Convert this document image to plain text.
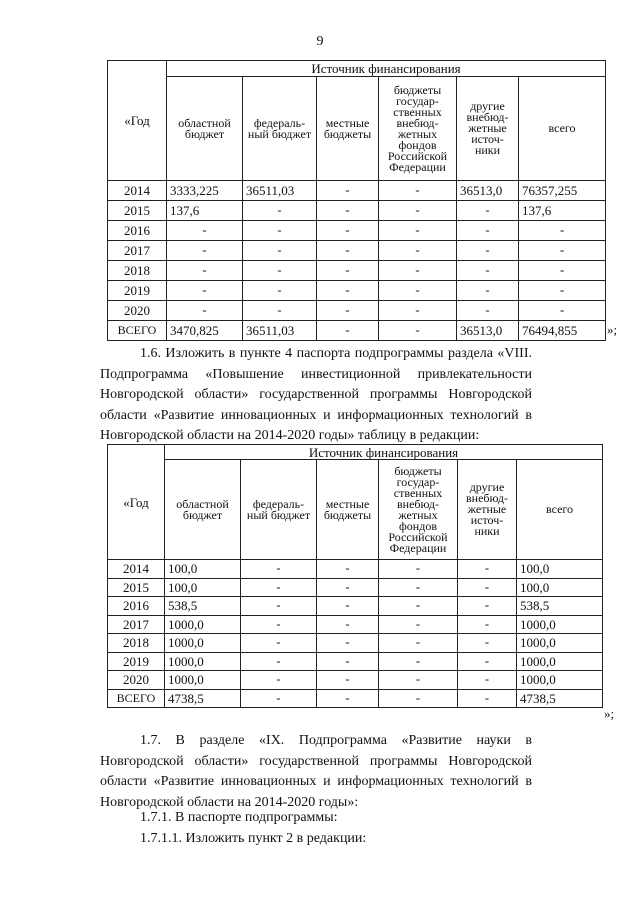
9
«Год	Источник финансирования					
	областной бюджет	федераль-ный бюджет	местные бюджеты	бюджеты государ-ственных внебюд-жетных фондов Российской Федерации	другие внебюд-жетные источ-ники	всего
2014	3333,225	36511,03	-	-	36513,0	76357,255
2015	137,6	-	-	-	-	137,6
2016	-	-	-	-	-	-
2017	-	-	-	-	-	-
2018	-	-	-	-	-	-
2019	-	-	-	-	-	-
2020	-	-	-	-	-	-
ВСЕГО	3470,825	36511,03	-	-	36513,0	76494,855 »;
1.6. Изложить в пункте 4 паспорта подпрограммы раздела «VIII. Подпрограмма «Повышение инвестиционной привлекательности Новгородской области» государственной программы Новгородской области «Развитие инновационных и информационных технологий в Новгородской области на 2014-2020 годы» таблицу в редакции:
«Год	Источник финансирования					
	областной бюджет	федераль-ный бюджет	местные бюджеты	бюджеты государ-ственных внебюд-жетных фондов Российской Федерации	другие внебюд-жетные источ-ники	всего
2014	100,0	-	-	-	-	100,0
2015	100,0	-	-	-	-	100,0
2016	538,5	-	-	-	-	538,5
2017	1000,0	-	-	-	-	1000,0
2018	1000,0	-	-	-	-	1000,0
2019	1000,0	-	-	-	-	1000,0
2020	1000,0	-	-	-	-	1000,0
ВСЕГО	4738,5	-	-	-	-	4738,5
»;
1.7. В разделе «IX. Подпрограмма «Развитие науки в Новгородской области» государственной программы Новгородской области «Развитие инновационных и информационных технологий в Новгородской области на 2014-2020 годы»:
1.7.1. В паспорте подпрограммы:
1.7.1.1. Изложить пункт 2 в редакции:
